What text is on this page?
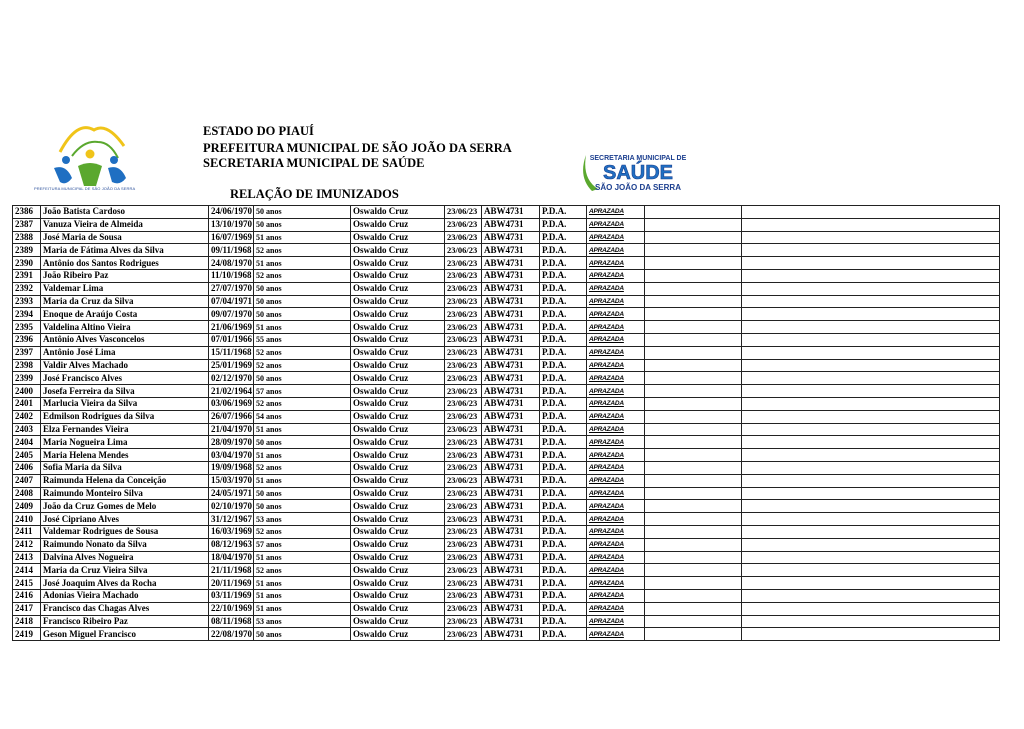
PREFEITURA MUNICIPAL DE SÃO JOÃO DA SERRA
ESTADO DO PIAUÍ
PREFEITURA MUNICIPAL DE SÃO JOÃO DA SERRA
SECRETARIA MUNICIPAL DE SAÚDE
RELAÇÃO DE IMUNIZADOS
SECRETARIA MUNICIPAL DE
SAÚDE
SÃO JOÃO DA SERRA
2386	João Batista Cardoso	24/06/1970	50 anos	Oswaldo Cruz	23/06/23	ABW4731	P.D.A.	APRAZADA		
2387	Vanuza Vieira de Almeida	13/10/1970	50 anos	Oswaldo Cruz	23/06/23	ABW4731	P.D.A.	APRAZADA		
2388	José Maria de Sousa	16/07/1969	51 anos	Oswaldo Cruz	23/06/23	ABW4731	P.D.A.	APRAZADA		
2389	Maria de Fátima Alves da Silva	09/11/1968	52 anos	Oswaldo Cruz	23/06/23	ABW4731	P.D.A.	APRAZADA		
2390	Antônio dos Santos Rodrigues	24/08/1970	51 anos	Oswaldo Cruz	23/06/23	ABW4731	P.D.A.	APRAZADA		
2391	João Ribeiro Paz	11/10/1968	52 anos	Oswaldo Cruz	23/06/23	ABW4731	P.D.A.	APRAZADA		
2392	Valdemar Lima	27/07/1970	50 anos	Oswaldo Cruz	23/06/23	ABW4731	P.D.A.	APRAZADA		
2393	Maria da Cruz da Silva	07/04/1971	50 anos	Oswaldo Cruz	23/06/23	ABW4731	P.D.A.	APRAZADA		
2394	Enoque de Araújo Costa	09/07/1970	50 anos	Oswaldo Cruz	23/06/23	ABW4731	P.D.A.	APRAZADA		
2395	Valdelina Altino Vieira	21/06/1969	51 anos	Oswaldo Cruz	23/06/23	ABW4731	P.D.A.	APRAZADA		
2396	Antônio Alves Vasconcelos	07/01/1966	55 anos	Oswaldo Cruz	23/06/23	ABW4731	P.D.A.	APRAZADA		
2397	Antônio José Lima	15/11/1968	52 anos	Oswaldo Cruz	23/06/23	ABW4731	P.D.A.	APRAZADA		
2398	Valdir Alves Machado	25/01/1969	52 anos	Oswaldo Cruz	23/06/23	ABW4731	P.D.A.	APRAZADA		
2399	José Francisco Alves	02/12/1970	50 anos	Oswaldo Cruz	23/06/23	ABW4731	P.D.A.	APRAZADA		
2400	Josefa Ferreira da Silva	21/02/1964	57 anos	Oswaldo Cruz	23/06/23	ABW4731	P.D.A.	APRAZADA		
2401	Marlucia Vieira da Silva	03/06/1969	52 anos	Oswaldo Cruz	23/06/23	ABW4731	P.D.A.	APRAZADA		
2402	Edmilson Rodrigues da Silva	26/07/1966	54 anos	Oswaldo Cruz	23/06/23	ABW4731	P.D.A.	APRAZADA		
2403	Elza Fernandes Vieira	21/04/1970	51 anos	Oswaldo Cruz	23/06/23	ABW4731	P.D.A.	APRAZADA		
2404	Maria Nogueira Lima	28/09/1970	50 anos	Oswaldo Cruz	23/06/23	ABW4731	P.D.A.	APRAZADA		
2405	Maria Helena Mendes	03/04/1970	51 anos	Oswaldo Cruz	23/06/23	ABW4731	P.D.A.	APRAZADA		
2406	Sofia Maria da Silva	19/09/1968	52 anos	Oswaldo Cruz	23/06/23	ABW4731	P.D.A.	APRAZADA		
2407	Raimunda Helena da Conceição	15/03/1970	51 anos	Oswaldo Cruz	23/06/23	ABW4731	P.D.A.	APRAZADA		
2408	Raimundo Monteiro Silva	24/05/1971	50 anos	Oswaldo Cruz	23/06/23	ABW4731	P.D.A.	APRAZADA		
2409	João da Cruz Gomes de Melo	02/10/1970	50 anos	Oswaldo Cruz	23/06/23	ABW4731	P.D.A.	APRAZADA		
2410	José Cipriano Alves	31/12/1967	53 anos	Oswaldo Cruz	23/06/23	ABW4731	P.D.A.	APRAZADA		
2411	Valdemar Rodrigues de Sousa	16/03/1969	52 anos	Oswaldo Cruz	23/06/23	ABW4731	P.D.A.	APRAZADA		
2412	Raimundo Nonato da Silva	08/12/1963	57 anos	Oswaldo Cruz	23/06/23	ABW4731	P.D.A.	APRAZADA		
2413	Dalvina Alves Nogueira	18/04/1970	51 anos	Oswaldo Cruz	23/06/23	ABW4731	P.D.A.	APRAZADA		
2414	Maria da Cruz Vieira Silva	21/11/1968	52 anos	Oswaldo Cruz	23/06/23	ABW4731	P.D.A.	APRAZADA		
2415	José Joaquim Alves da Rocha	20/11/1969	51 anos	Oswaldo Cruz	23/06/23	ABW4731	P.D.A.	APRAZADA		
2416	Adonias Vieira Machado	03/11/1969	51 anos	Oswaldo Cruz	23/06/23	ABW4731	P.D.A.	APRAZADA		
2417	Francisco das Chagas Alves	22/10/1969	51 anos	Oswaldo Cruz	23/06/23	ABW4731	P.D.A.	APRAZADA		
2418	Francisco Ribeiro Paz	08/11/1968	53 anos	Oswaldo Cruz	23/06/23	ABW4731	P.D.A.	APRAZADA		
2419	Geson Miguel Francisco	22/08/1970	50 anos	Oswaldo Cruz	23/06/23	ABW4731	P.D.A.	APRAZADA		
